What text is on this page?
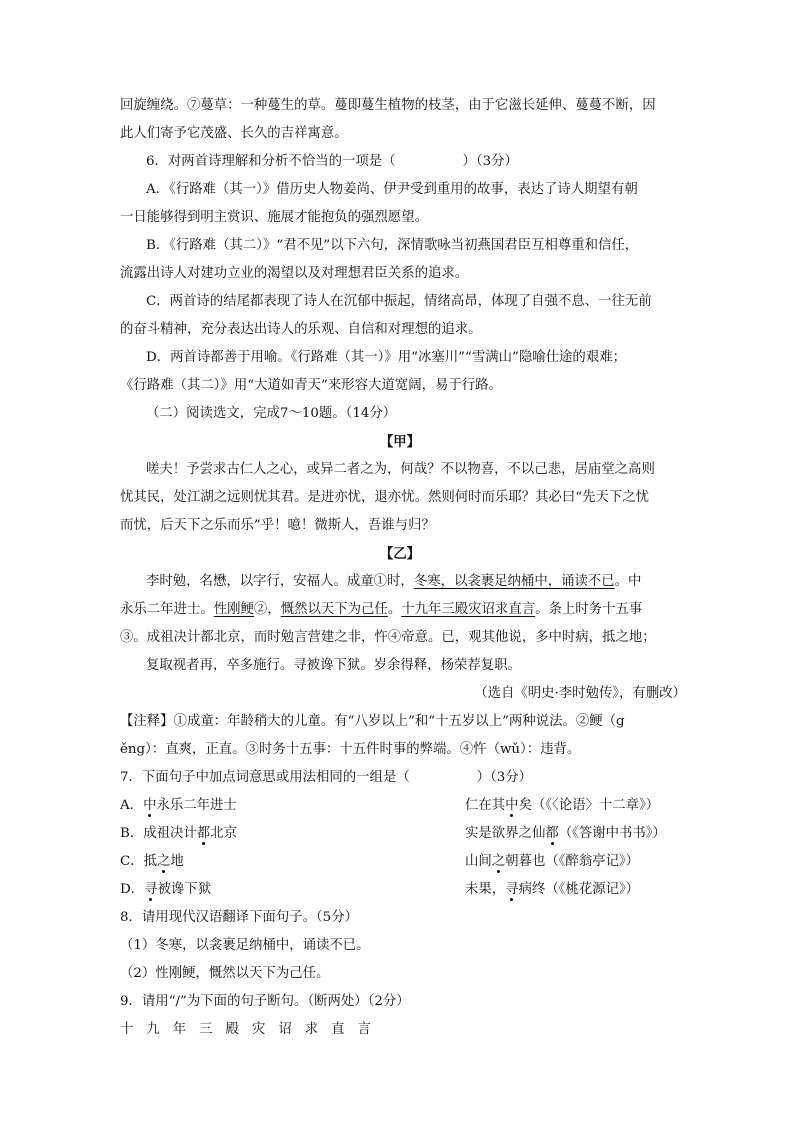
回旋缠绕。⑦蔓草：一种蔓生的草。蔓即蔓生植物的枝茎，由于它滋长延伸、蔓蔓不断，因
此人们寄予它茂盛、长久的吉祥寓意。
6．对两首诗理解和分析不恰当的一项是（　　　　　）（3分）
A．《行路难（其一）》借历史人物姜尚、伊尹受到重用的故事，表达了诗人期望有朝
一日能够得到明主赏识、施展才能抱负的强烈愿望。
B．《行路难（其二）》“君不见”以下六句，深情歌咏当初燕国君臣互相尊重和信任，
流露出诗人对建功立业的渴望以及对理想君臣关系的追求。
C．两首诗的结尾都表现了诗人在沉郁中振起，情绪高昂，体现了自强不息、一往无前
的奋斗精神，充分表达出诗人的乐观、自信和对理想的追求。
D．两首诗都善于用喻。《行路难（其一）》用“冰塞川”“雪满山”隐喻仕途的艰难；
《行路难（其二）》用“大道如青天”来形容大道宽阔，易于行路。
（二）阅读选文，完成7～10题。（14分）
【甲】
嗟夫！予尝求古仁人之心，或异二者之为，何哉？不以物喜，不以己悲，居庙堂之高则
忧其民，处江湖之远则忧其君。是进亦忧，退亦忧。然则何时而乐耶？其必曰“先天下之忧
而忧，后天下之乐而乐”乎！噫！微斯人，吾谁与归？
【乙】
李时勉，名懋，以字行，安福人。成童①时，冬寒，以衾裹足纳桶中，诵读不已。中
永乐二年进士。性刚鲠②，慨然以天下为己任。十九年三殿灾诏求直言。条上时务十五事
③。成祖决计都北京，而时勉言营建之非，忤④帝意。已，观其他说，多中时病，抵之地；
复取视者再，卒多施行。寻被谗下狱。岁余得释，杨荣荐复职。
（选自《明史·李时勉传》，有删改）
【注释】①成童：年龄稍大的儿童。有“八岁以上”和“十五岁以上”两种说法。②鲠（g
ěng）：直爽，正直。③时务十五事：十五件时事的弊端。④忤（wǔ）：违背。
7．下面句子中加点词意思或用法相同的一组是（　　　　　）（3分）
A．中永乐二年进士	仁在其中矣（《〈论语〉十二章》）
B．成祖决计都北京	实是欲界之仙都（《答谢中书书》）
C．抵之地	山间之朝暮也（《醉翁亭记》）
D．寻被谗下狱	未果，寻病终（《桃花源记》）
8．请用现代汉语翻译下面句子。（5分）
（1）冬寒，以衾裹足纳桶中，诵读不已。
（2）性刚鲠，慨然以天下为己任。
9．请用“/”为下面的句子断句。（断两处）（2分）
十九年三殿灾诏求直言
